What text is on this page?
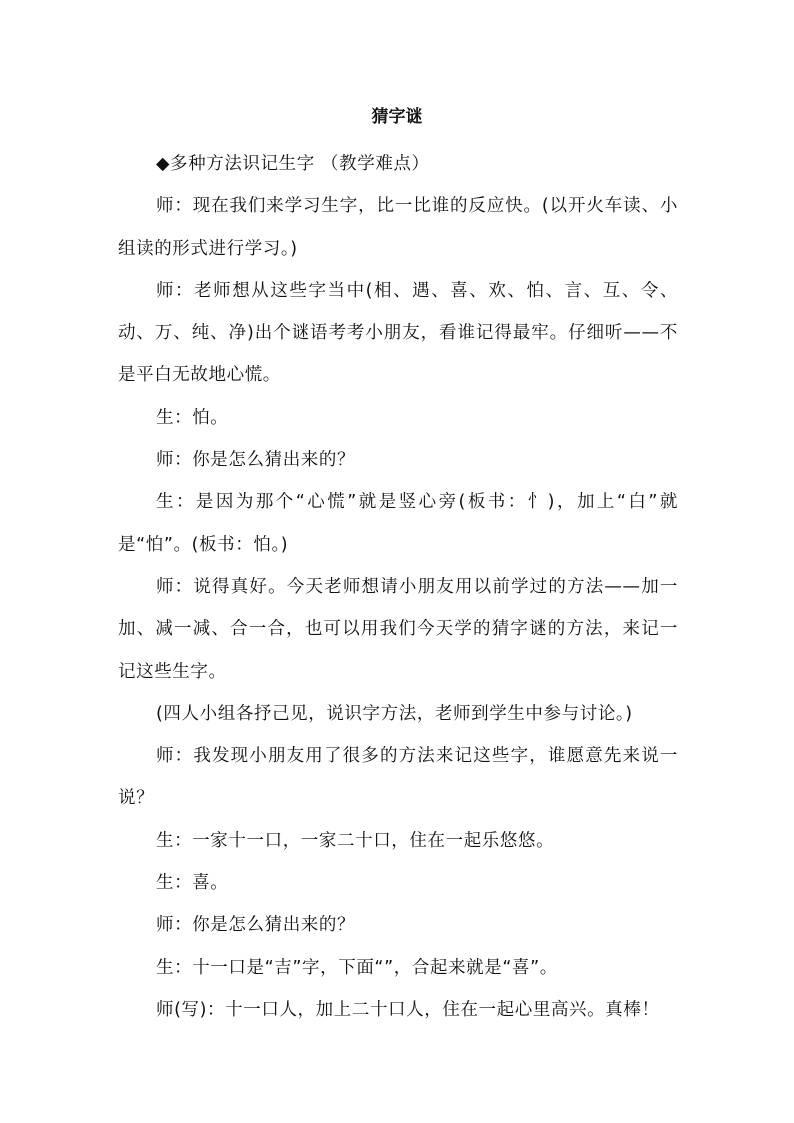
猜字谜

◆多种方法识记生字 （教学难点）

师：现在我们来学习生字，比一比谁的反应快。(以开火车读、小组读的形式进行学习。)

师：老师想从这些字当中(相、遇、喜、欢、怕、言、互、令、动、万、纯、净)出个谜语考考小朋友，看谁记得最牢。仔细听——不是平白无故地心慌。

生：怕。

师：你是怎么猜出来的？

生：是因为那个“心慌”就是竖心旁(板书：忄)，加上“白”就是“怕”。(板书：怕。)

师：说得真好。今天老师想请小朋友用以前学过的方法——加一加、减一减、合一合，也可以用我们今天学的猜字谜的方法，来记一记这些生字。

(四人小组各抒己见，说识字方法，老师到学生中参与讨论。)

师：我发现小朋友用了很多的方法来记这些字，谁愿意先来说一说？

生：一家十一口，一家二十口，住在一起乐悠悠。

生：喜。

师：你是怎么猜出来的？

生：十一口是“吉”字，下面“”，合起来就是“喜”。

师(写)：十一口人，加上二十口人，住在一起心里高兴。真棒！
